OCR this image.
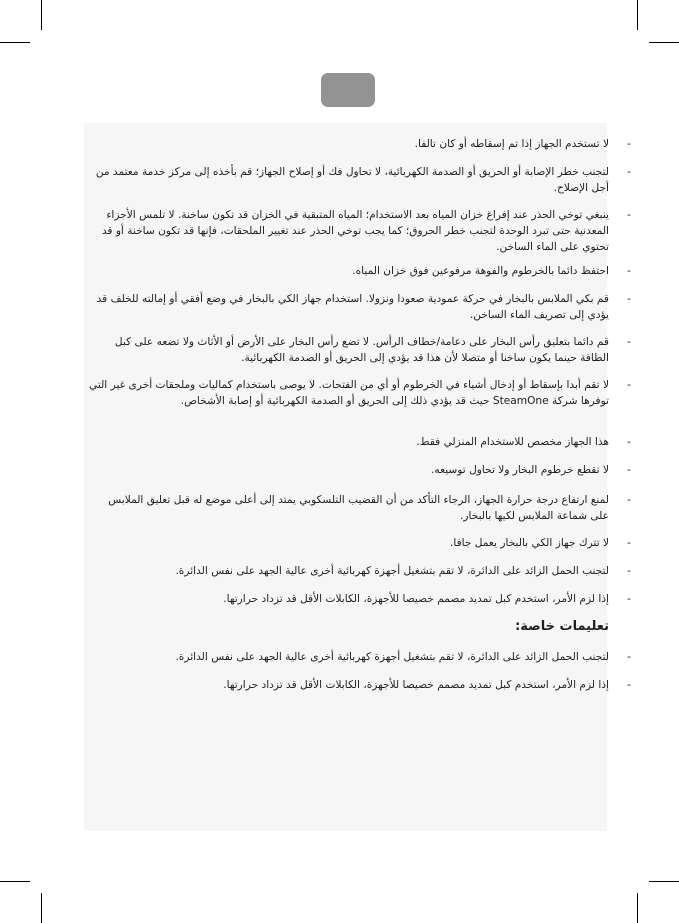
-
لا تستخدم الجهاز إذا تم إسقاطه أو كان تالفا.
-
لتجنب خطر الإصابة أو الحريق أو الصدمة الكهربائية، لا تحاول فك أو إصلاح الجهاز؛ قم بأخذه إلى مركز خدمة معتمد من أجل الإصلاح.
-
ينبغي توخي الحذر عند إفراغ خزان المياه بعد الاستخدام؛ المياه المتبقية في الخزان قد تكون ساخنة. لا تلمس الأجزاء المعدنية حتى تبرد الوحدة لتجنب خطر الحروق؛ كما يجب توخي الحذر عند تغيير الملحقات، فإنها قد تكون ساخنة أو قد تحتوي على الماء الساخن.
-
احتفظ دائما بالخرطوم والفوهة مرفوعين فوق خزان المياه.
-
قم بكي الملابس بالبخار في حركة عمودية صعودا ونزولا. استخدام جهاز الكي بالبخار في وضع أفقي أو إمالته للخلف قد يؤدي إلى تصريف الماء الساخن.
-
قم دائما بتعليق رأس البخار على دعامة/خطاف الرأس. لا تضع رأس البخار على الأرض أو الأثاث ولا تضعه على كبل الطاقة حينما يكون ساخنا أو متصلا لأن هذا قد يؤدي إلى الحريق أو الصدمة الكهربائية.
-
لا تقم أبدا بإسقاط أو إدخال أشياء في الخرطوم أو أي من الفتحات. لا يوصى باستخدام كماليات وملحقات أخرى غير التي توفرها شركة SteamOne حيث قد يؤدي ذلك إلى الحريق أو الصدمة الكهربائية أو إصابة الأشخاص.
-
هذا الجهاز مخصص للاستخدام المنزلي فقط.
-
لا تقطع خرطوم البخار ولا تحاول توسيعه.
-
لمنع ارتفاع درجة حرارة الجهاز، الرجاء التأكد من أن القضيب التلسكوبي يمتد إلى أعلى موضع له قبل تعليق الملابس على شماعة الملابس لكيها بالبخار.
-
لا تترك جهاز الكي بالبخار يعمل جافا.
-
لتجنب الحمل الزائد على الدائرة، لا تقم بتشغيل أجهزة كهربائية أخرى عالية الجهد على نفس الدائرة.
-
إذا لزم الأمر، استخدم كبل تمديد مصمم خصيصا للأجهزة، الكابلات الأقل قد تزداد حرارتها.
تعليمات خاصة:
-
لتجنب الحمل الزائد على الدائرة، لا تقم بتشغيل أجهزة كهربائية أخرى عالية الجهد على نفس الدائرة.
-
إذا لزم الأمر، استخدم كبل تمديد مصمم خصيصا للأجهزة، الكابلات الأقل قد تزداد حرارتها.
